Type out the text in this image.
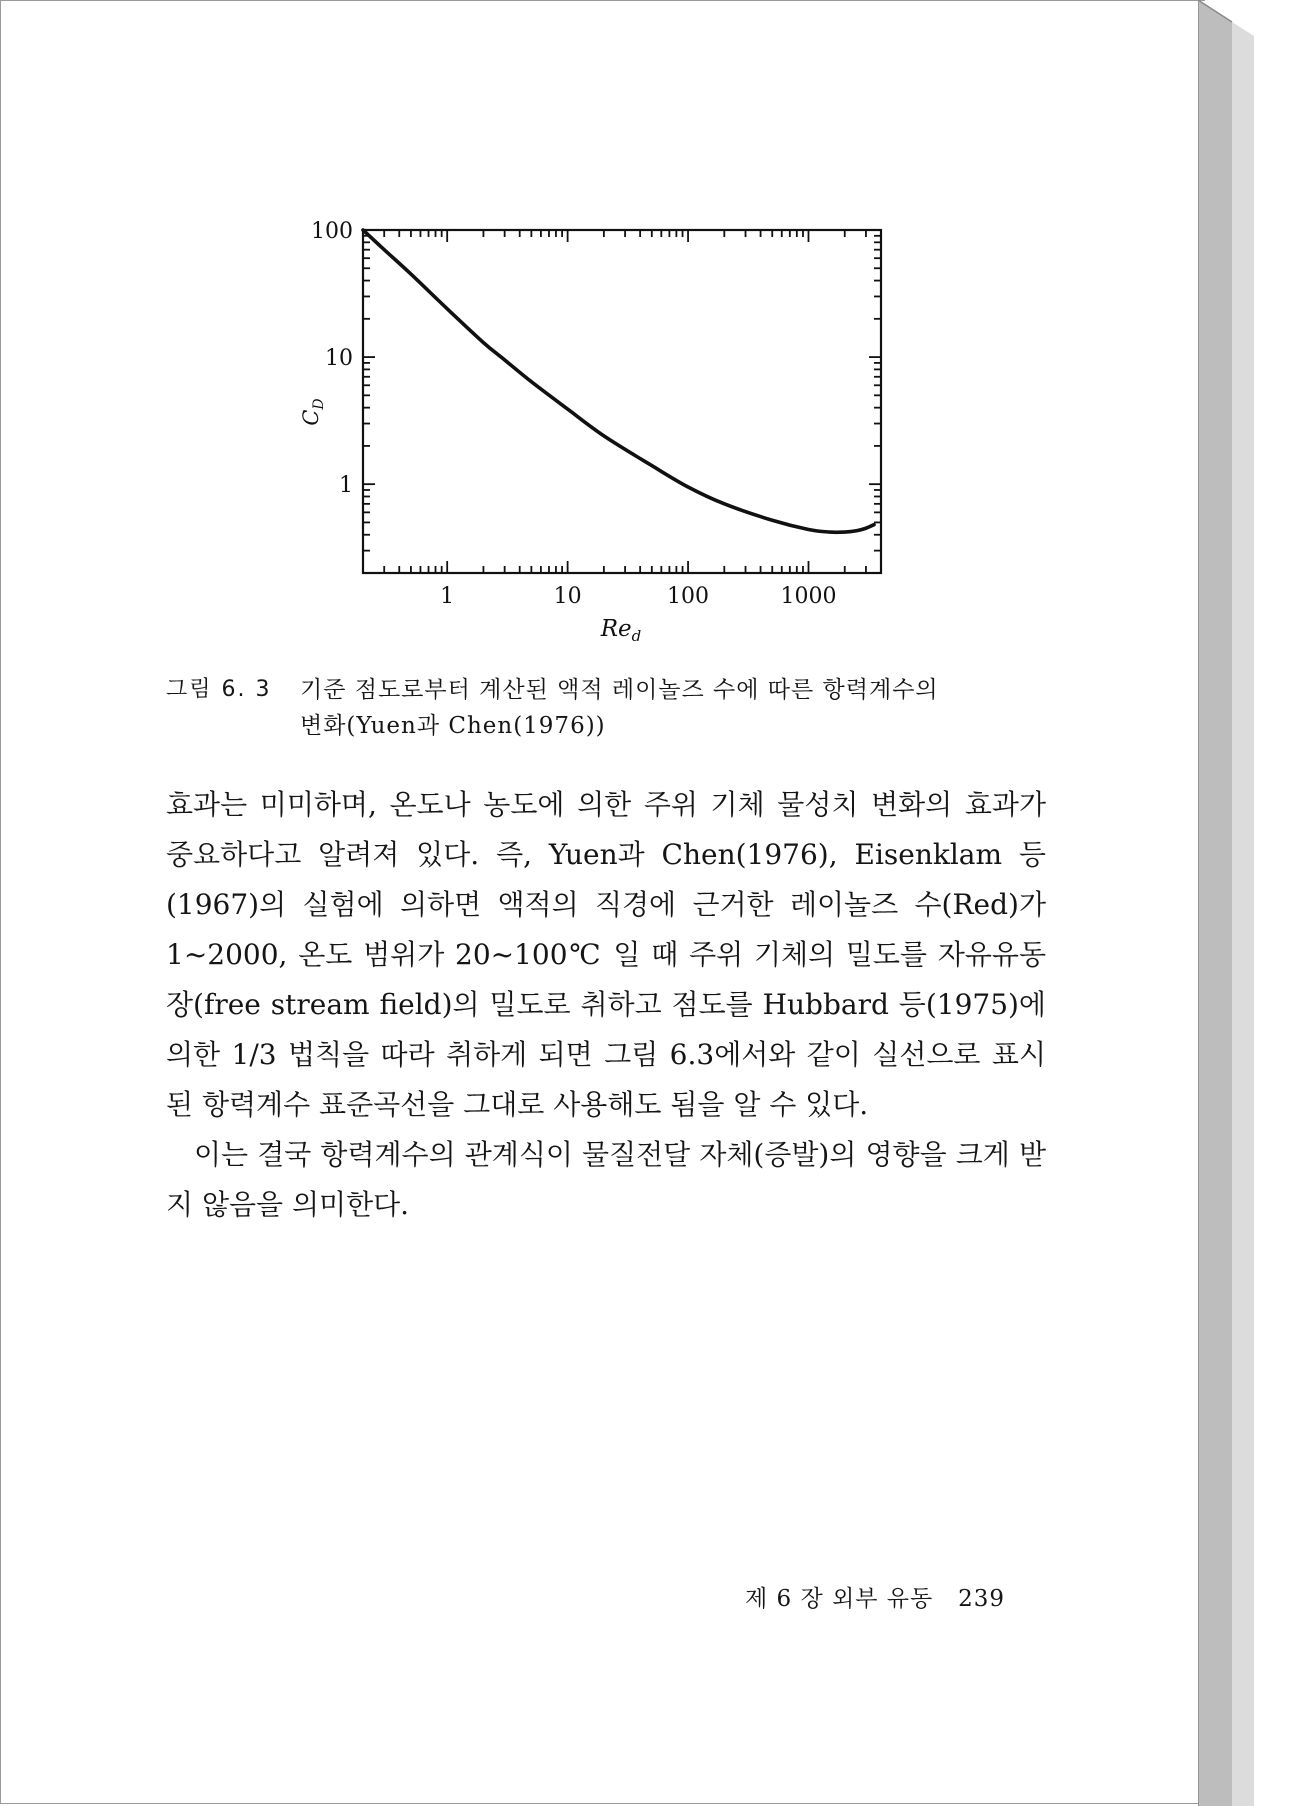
1	10	100	1000
1
10
100
$C_D$
$Re_d$
그림 6. 3 기준 점도로부터 계산된 액적 레이놀즈 수에 따른 항력계수의
변화(Yuen과 Chen(1976))

효과는 미미하며, 온도나 농도에 의한 주위 기체 물성치 변화의 효과가 중요하다고 알려져 있다. 즉, Yuen과 Chen(1976), Eisenklam 등(1967)의 실험에 의하면 액적의 직경에 근거한 레이놀즈 수(Red)가 1~2000, 온도 범위가 20~100℃ 일 때 주위 기체의 밀도를 자유유동장(free stream field)의 밀도로 취하고 점도를 Hubbard 등(1975)에 의한 1/3 법칙을 따라 취하게 되면 그림 6.3에서와 같이 실선으로 표시된 항력계수 표준곡선을 그대로 사용해도 됨을 알 수 있다.

이는 결국 항력계수의 관계식이 물질전달 자체(증발)의 영향을 크게 받지 않음을 의미한다.

제 6 장 외부 유동 239
